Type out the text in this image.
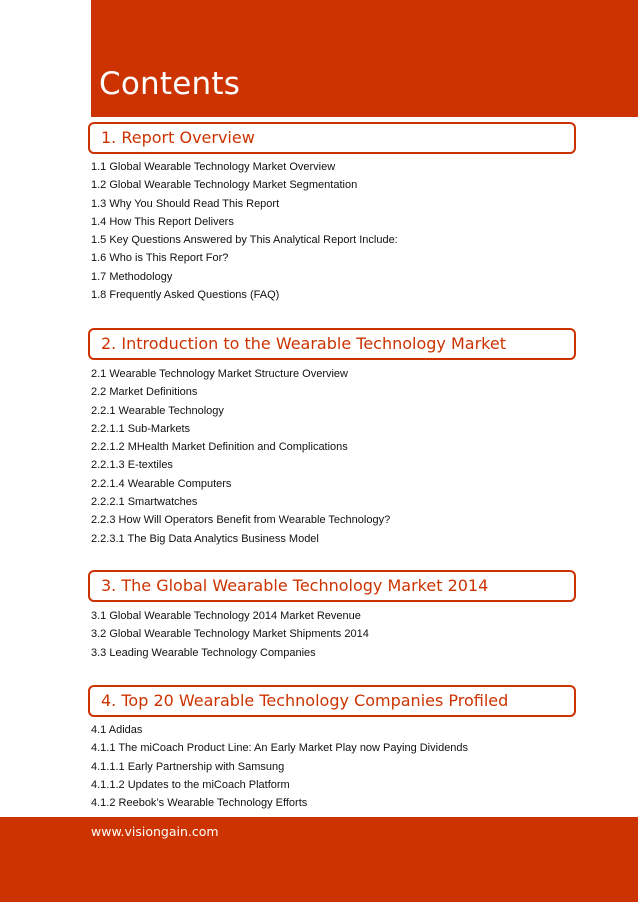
Contents
1. Report Overview
1.1 Global Wearable Technology Market Overview
1.2 Global Wearable Technology Market Segmentation
1.3 Why You Should Read This Report
1.4 How This Report Delivers
1.5 Key Questions Answered by This Analytical Report Include:
1.6 Who is This Report For?
1.7 Methodology
1.8 Frequently Asked Questions (FAQ)
2. Introduction to the Wearable Technology Market
2.1 Wearable Technology Market Structure Overview
2.2 Market Definitions
2.2.1 Wearable Technology
2.2.1.1 Sub-Markets
2.2.1.2 MHealth Market Definition and Complications
2.2.1.3 E-textiles
2.2.1.4 Wearable Computers
2.2.2.1 Smartwatches
2.2.3 How Will Operators Benefit from Wearable Technology?
2.2.3.1 The Big Data Analytics Business Model
3. The Global Wearable Technology Market 2014
3.1 Global Wearable Technology 2014 Market Revenue
3.2 Global Wearable Technology Market Shipments 2014
3.3 Leading Wearable Technology Companies
4. Top 20 Wearable Technology Companies Profiled
4.1 Adidas
4.1.1 The miCoach Product Line: An Early Market Play now Paying Dividends
4.1.1.1 Early Partnership with Samsung
4.1.1.2 Updates to the miCoach Platform
4.1.2 Reebok’s Wearable Technology Efforts
www.visiongain.com
